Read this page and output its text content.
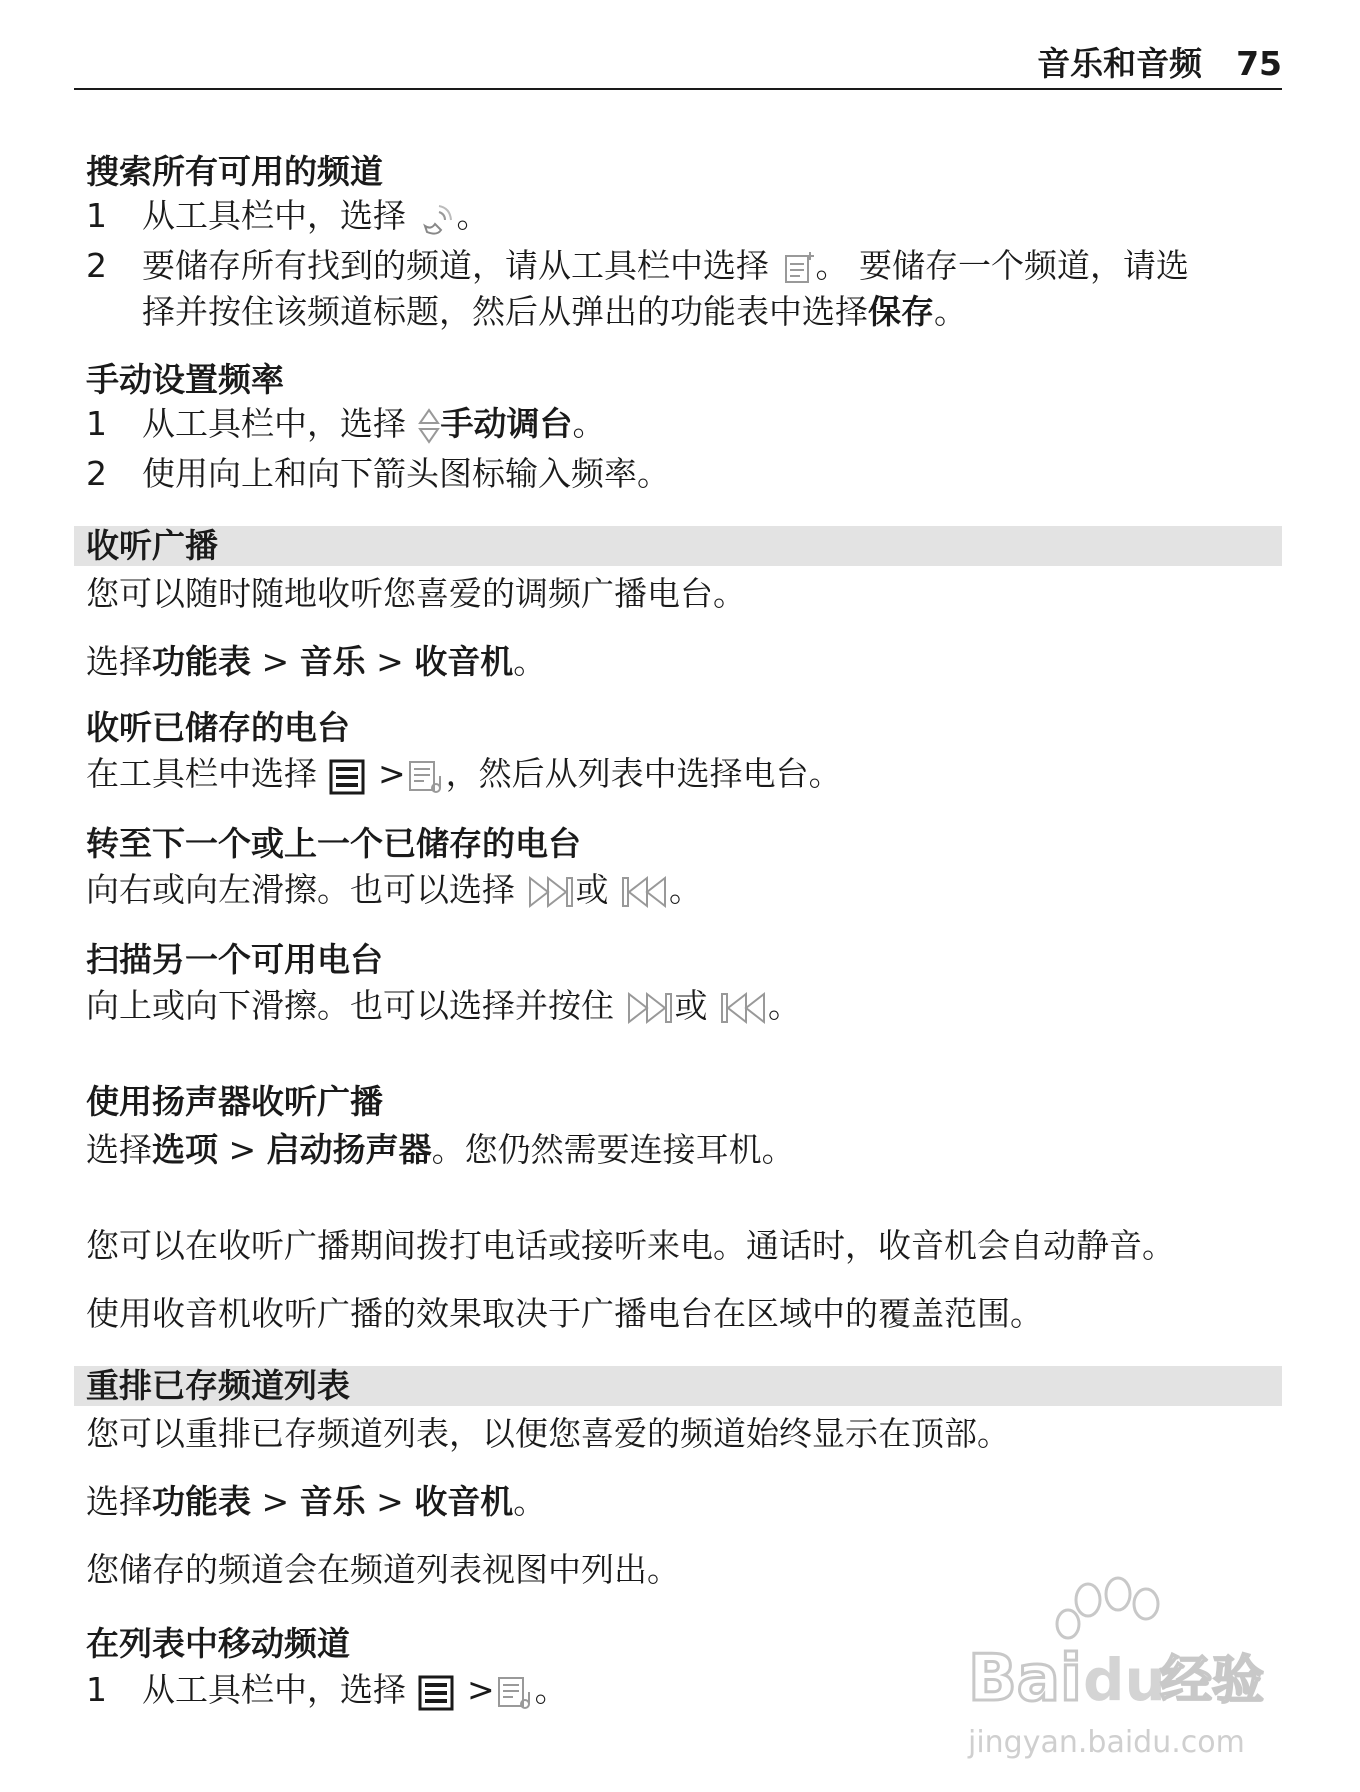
音乐和音频 75
搜索所有可用的频道
1 从工具栏中，选择 。
2 要储存所有找到的频道，请从工具栏中选择 。 要储存一个频道，请选
择并按住该频道标题，然后从弹出的功能表中选择保存。
手动设置频率
1 从工具栏中，选择 手动调台。
2 使用向上和向下箭头图标输入频率。
收听广播
您可以随时随地收听您喜爱的调频广播电台。
选择功能表 > 音乐 > 收音机。
收听已储存的电台
在工具栏中选择  > ，然后从列表中选择电台。
转至下一个或上一个已储存的电台
向右或向左滑擦。也可以选择 或 。
扫描另一个可用电台
向上或向下滑擦。也可以选择并按住 或 。
使用扬声器收听广播
选择选项 > 启动扬声器。您仍然需要连接耳机。
您可以在收听广播期间拨打电话或接听来电。通话时，收音机会自动静音。
使用收音机收听广播的效果取决于广播电台在区域中的覆盖范围。
重排已存频道列表
您可以重排已存频道列表，以便您喜爱的频道始终显示在顶部。
选择功能表 > 音乐 > 收音机。
您储存的频道会在频道列表视图中列出。
在列表中移动频道
1 从工具栏中，选择  > 。	Bai du
经验
jingyan.baidu.com
